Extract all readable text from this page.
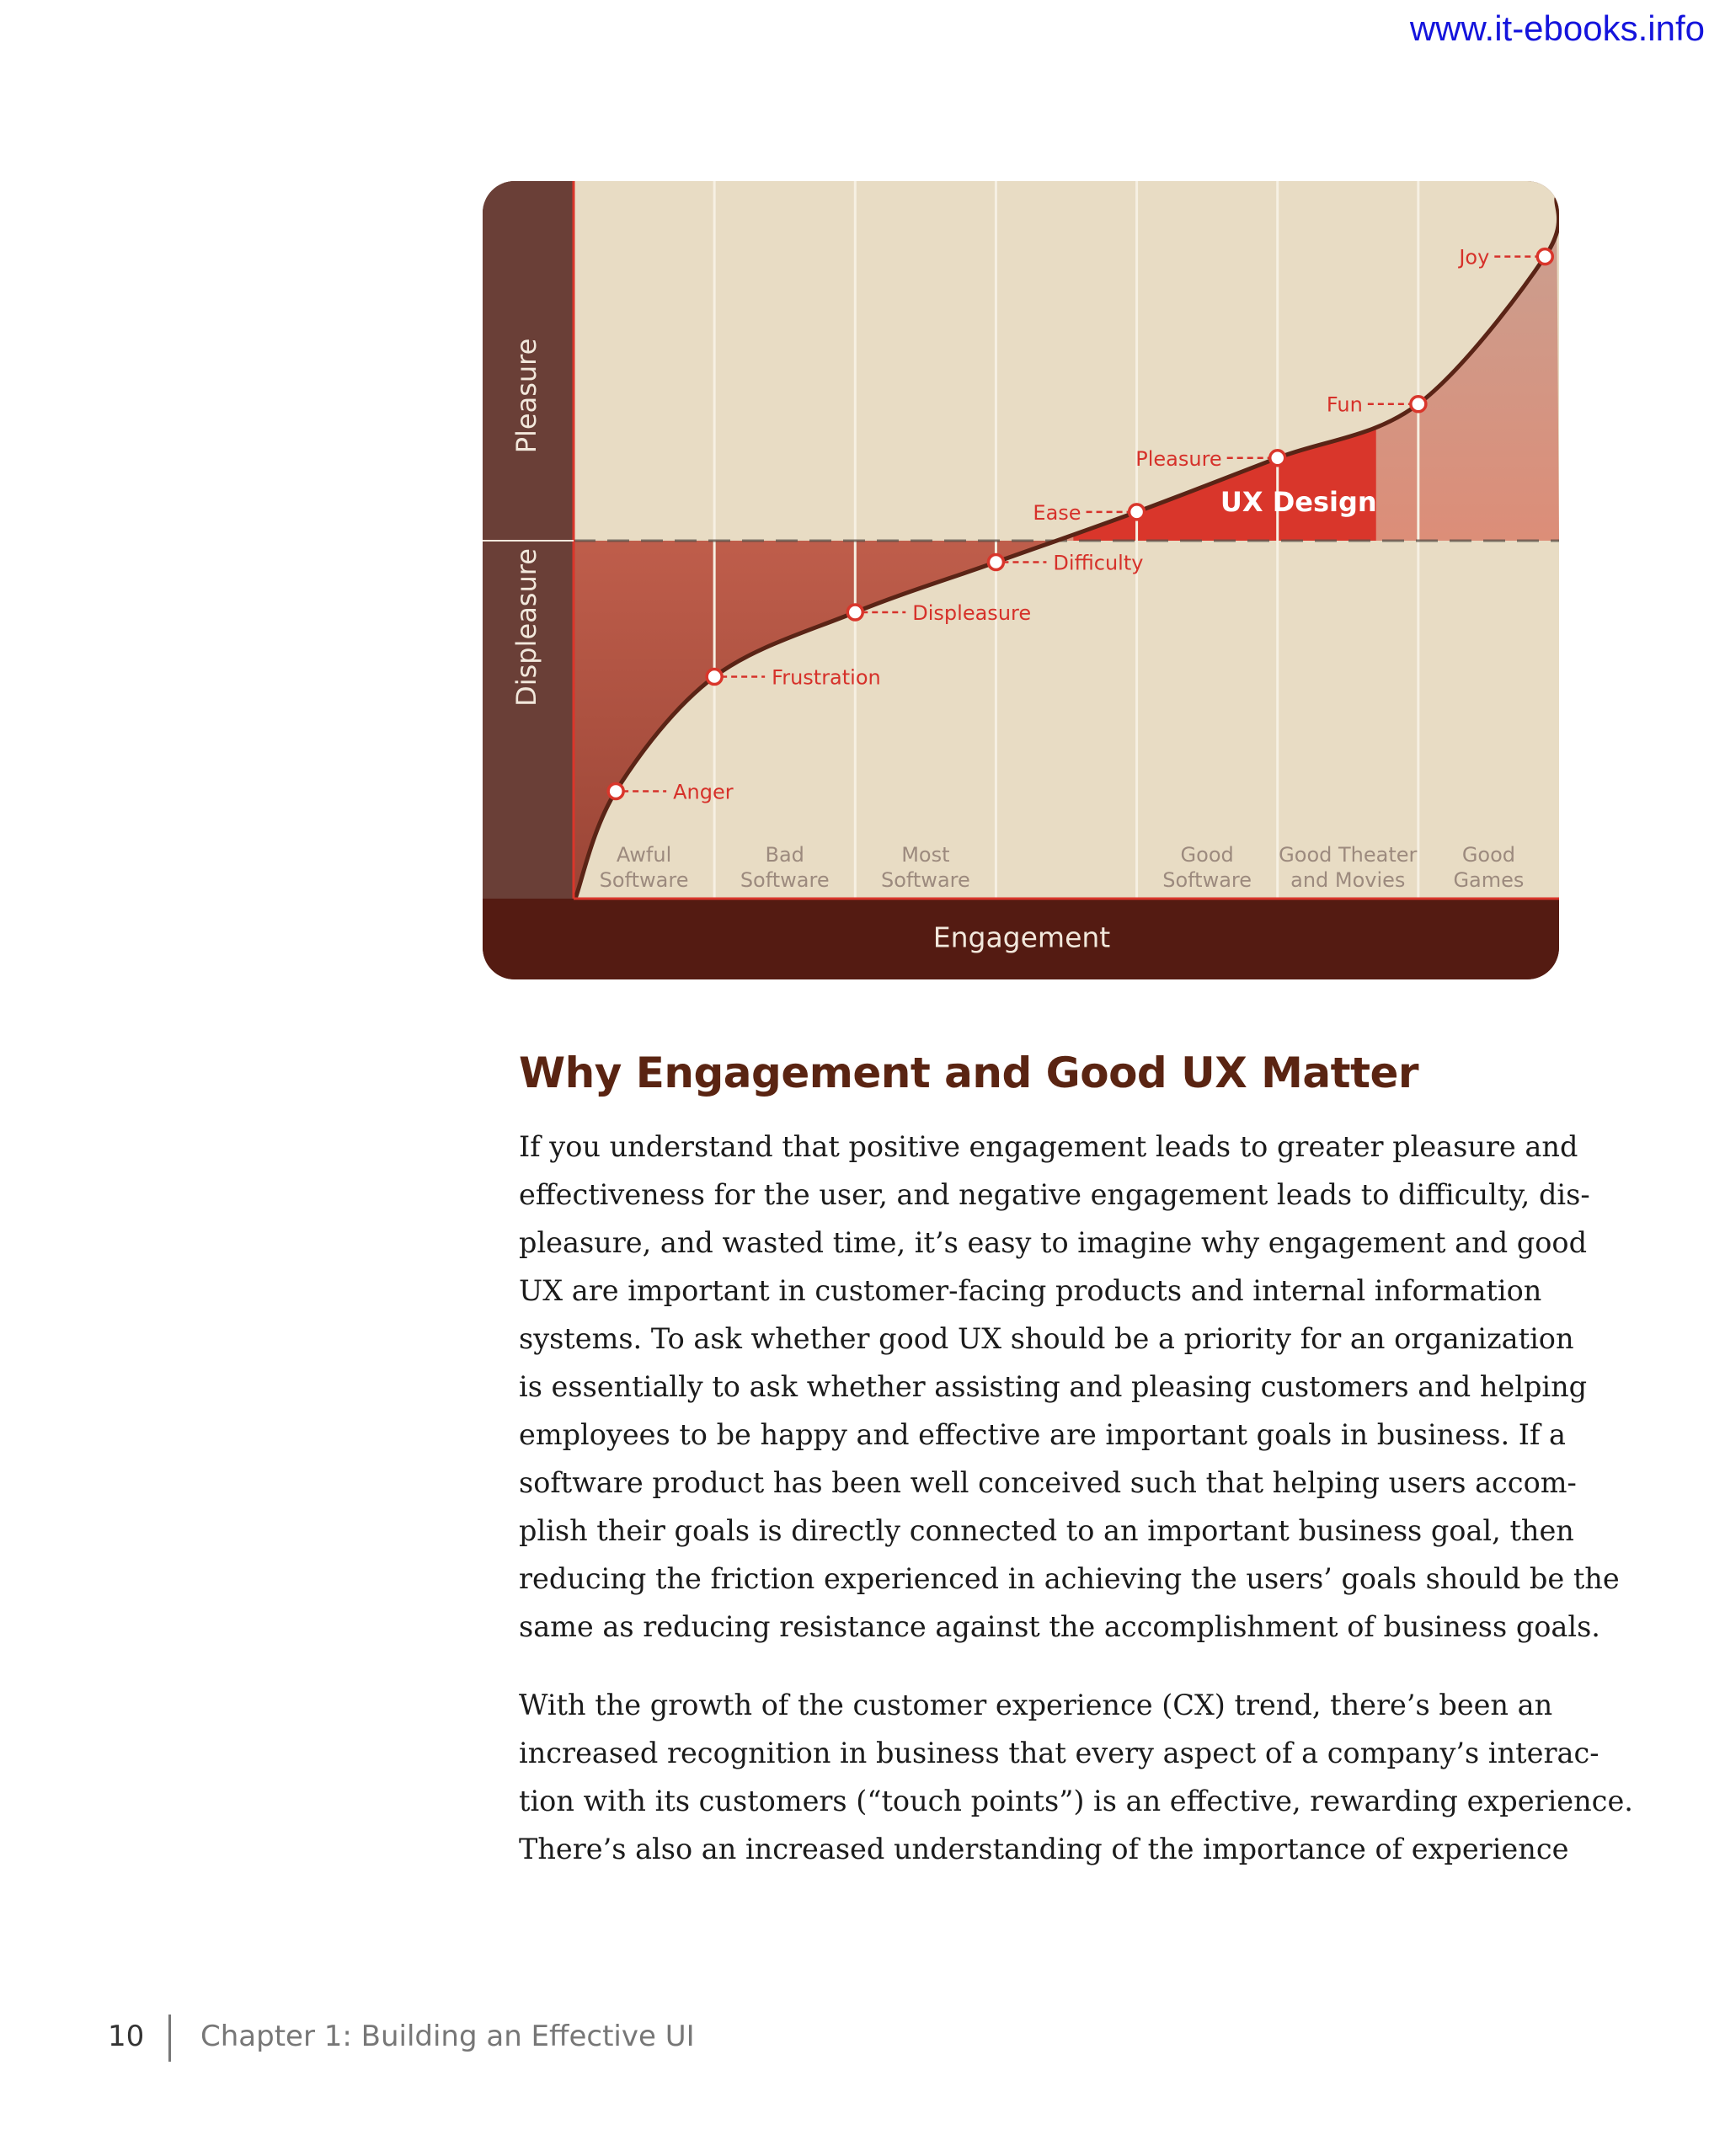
www.it-ebooks.info
Pleasure
Displeasure
Engagement
Awful
Software
Bad
Software
Most
Software
Good
Software
Good Theater
and Movies
Good
Games
UX Design
Anger
Frustration
Displeasure
Difficulty
Ease
Pleasure
Fun
Joy
Why Engagement and Good UX Matter

If you understand that positive engagement leads to greater pleasure and
effectiveness for the user, and negative engagement leads to difficulty, dis-
pleasure, and wasted time, it’s easy to imagine why engagement and good
UX are important in customer-facing products and internal information
systems. To ask whether good UX should be a priority for an organization
is essentially to ask whether assisting and pleasing customers and helping
employees to be happy and effective are important goals in business. If a
software product has been well conceived such that helping users accom-
plish their goals is directly connected to an important business goal, then
reducing the friction experienced in achieving the users’ goals should be the
same as reducing resistance against the accomplishment of business goals.

With the growth of the customer experience (CX) trend, there’s been an
increased recognition in business that every aspect of a company’s interac-
tion with its customers (“touch points”) is an effective, rewarding experience.
There’s also an increased understanding of the importance of experience

10 Chapter 1: Building an Effective UI
